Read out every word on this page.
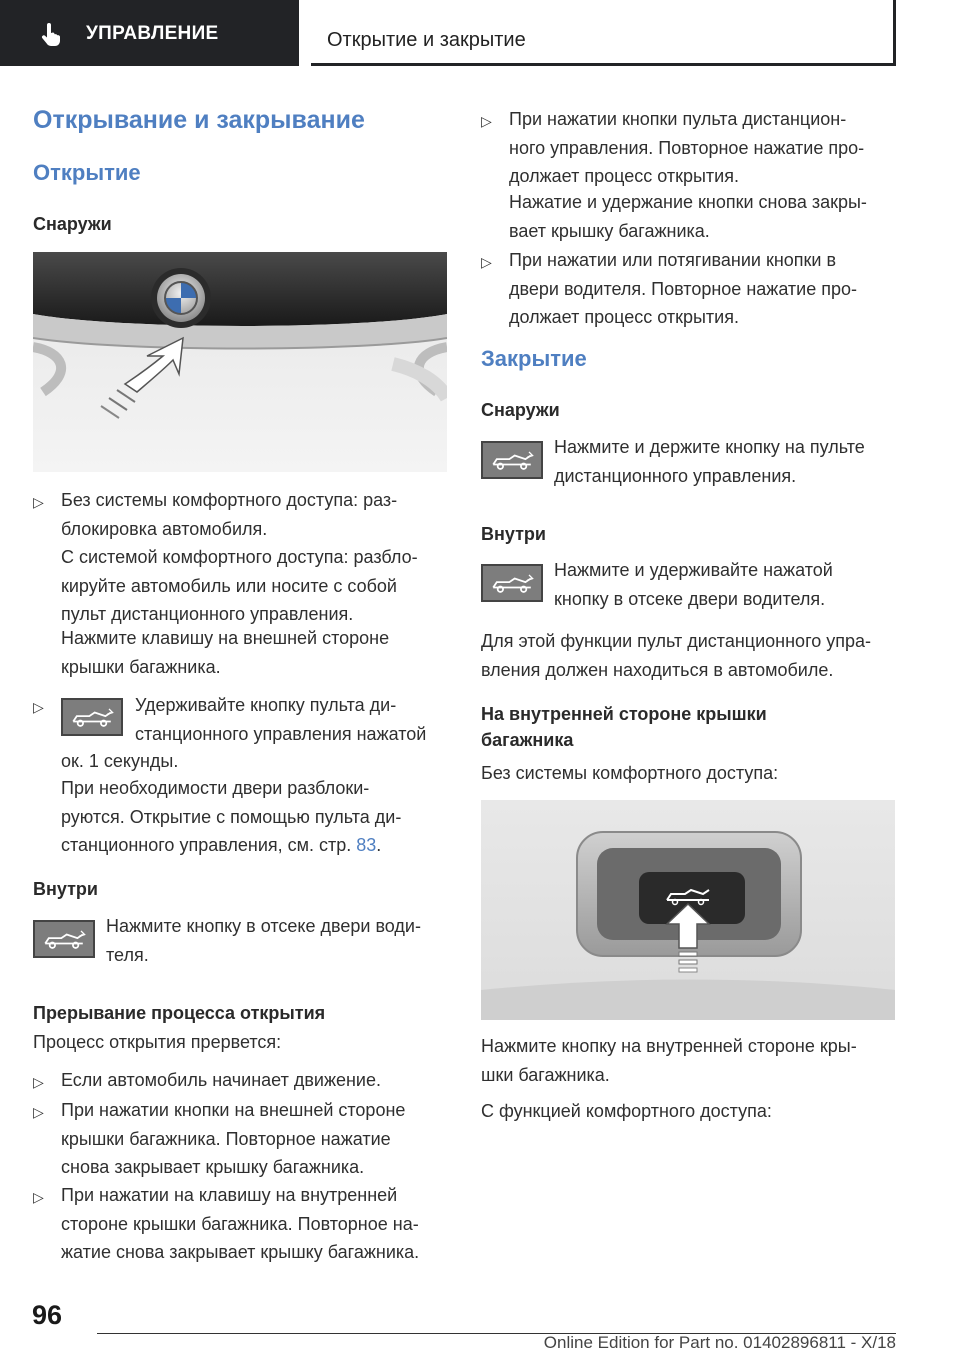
УПРАВЛЕНИЕ	Открытие и закрытие
Открывание и закрывание
Открытие
Снаружи
▷ Без системы комфортного доступа: раз-
блокировка автомобиля.
С системой комфортного доступа: разбло-
кируйте автомобиль или носите с собой
пульт дистанционного управления.
Нажмите клавишу на внешней стороне
крышки багажника.
▷	Удерживайте кнопку пульта ди-
станционного управления нажатой
ок. 1 секунды.
При необходимости двери разблоки-
руются. Открытие с помощью пульта ди-
станционного управления, см. стр. 83.
Внутри
Нажмите кнопку в отсеке двери води-
теля.
Прерывание процесса открытия
Процесс открытия прервется:
▷ Если автомобиль начинает движение.
▷ При нажатии кнопки на внешней стороне
крышки багажника. Повторное нажатие
снова закрывает крышку багажника.
▷ При нажатии на клавишу на внутренней
стороне крышки багажника. Повторное на-
жатие снова закрывает крышку багажника.
▷ При нажатии кнопки пульта дистанцион-
ного управления. Повторное нажатие про-
должает процесс открытия.
Нажатие и удержание кнопки снова закры-
вает крышку багажника.
▷ При нажатии или потягивании кнопки в
двери водителя. Повторное нажатие про-
должает процесс открытия.
Закрытие
Снаружи
Нажмите и держите кнопку на пульте
дистанционного управления.
Внутри
Нажмите и удерживайте нажатой
кнопку в отсеке двери водителя.
Для этой функции пульт дистанционного упра-
вления должен находиться в автомобиле.
На внутренней стороне крышки
багажника
Без системы комфортного доступа:
Нажмите кнопку на внутренней стороне кры-
шки багажника.
С функцией комфортного доступа:
96
Online Edition for Part no. 01402896811 - X/18
